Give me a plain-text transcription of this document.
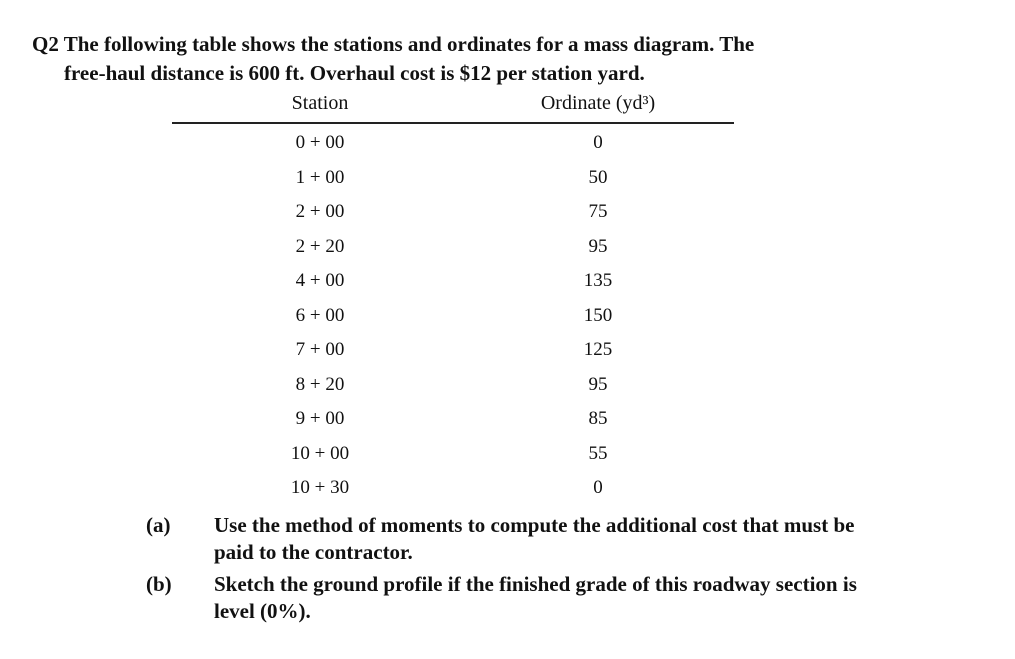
Q2 The following table shows the stations and ordinates for a mass diagram. The
free-haul distance is 600 ft. Overhaul cost is $12 per station yard.
Station	Ordinate (yd³)
0 + 00	0
1 + 00	50
2 + 00	75
2 + 20	95
4 + 00	135
6 + 00	150
7 + 00	125
8 + 20	95
9 + 00	85
10 + 00	55
10 + 30	0
(a)	Use the method of moments to compute the additional cost that must be
paid to the contractor.
(b)	Sketch the ground profile if the finished grade of this roadway section is
level (0%).
